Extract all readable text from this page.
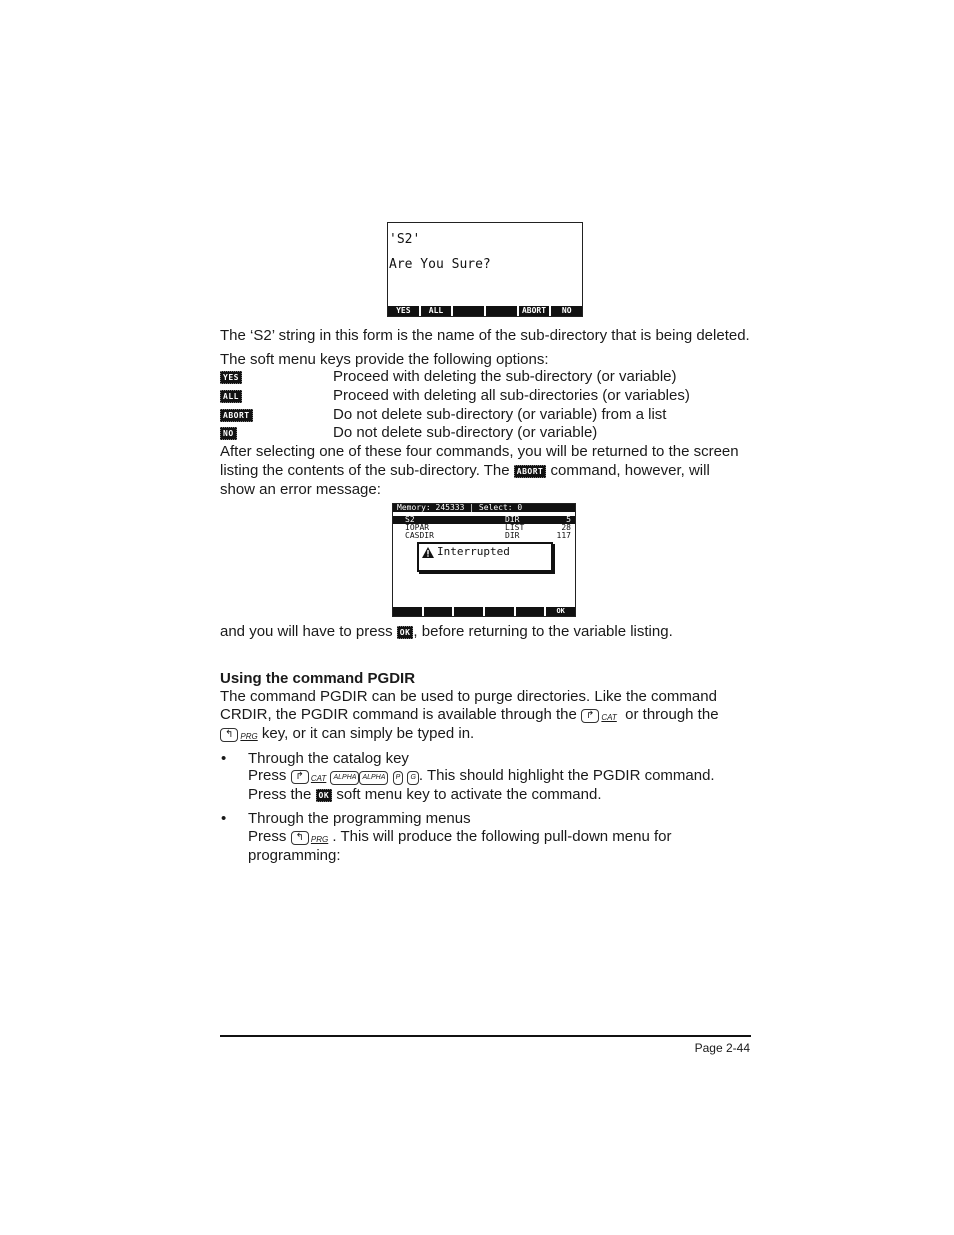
'S2'
Are You Sure?
YES	ALL	ABORT	NO
The ‘S2’ string in this form is the name of the sub-directory that is being deleted.
The soft menu keys provide the following options:
YES	Proceed with deleting the sub-directory (or variable)
ALL	Proceed with deleting all sub-directories (or variables)
ABORT	Do not delete sub-directory (or variable) from a list
NO	Do not delete sub-directory (or variable)
After selecting one of these four commands, you will be returned to the screen
listing the contents of the sub-directory. The ABORT command, however, will
show an error message:
Memory: 245333 | Select: 0
S2	DIR	5
IOPAR	LIST	28
CASDIR	DIR	117
Interrupted
OK
and you will have to press OK , before returning to the variable listing.
Using the command PGDIR
The command PGDIR can be used to purge directories. Like the command
CRDIR, the PGDIR command is available through the ↱ CAT or through the
↰ PRG key, or it can simply be typed in.
• Through the catalog key
Press ↱ CAT ALPHA ALPHA P G . This should highlight the PGDIR command.
Press the OK soft menu key to activate the command.
• Through the programming menus
Press ↰ PRG . This will produce the following pull-down menu for
programming:
Page 2-44
